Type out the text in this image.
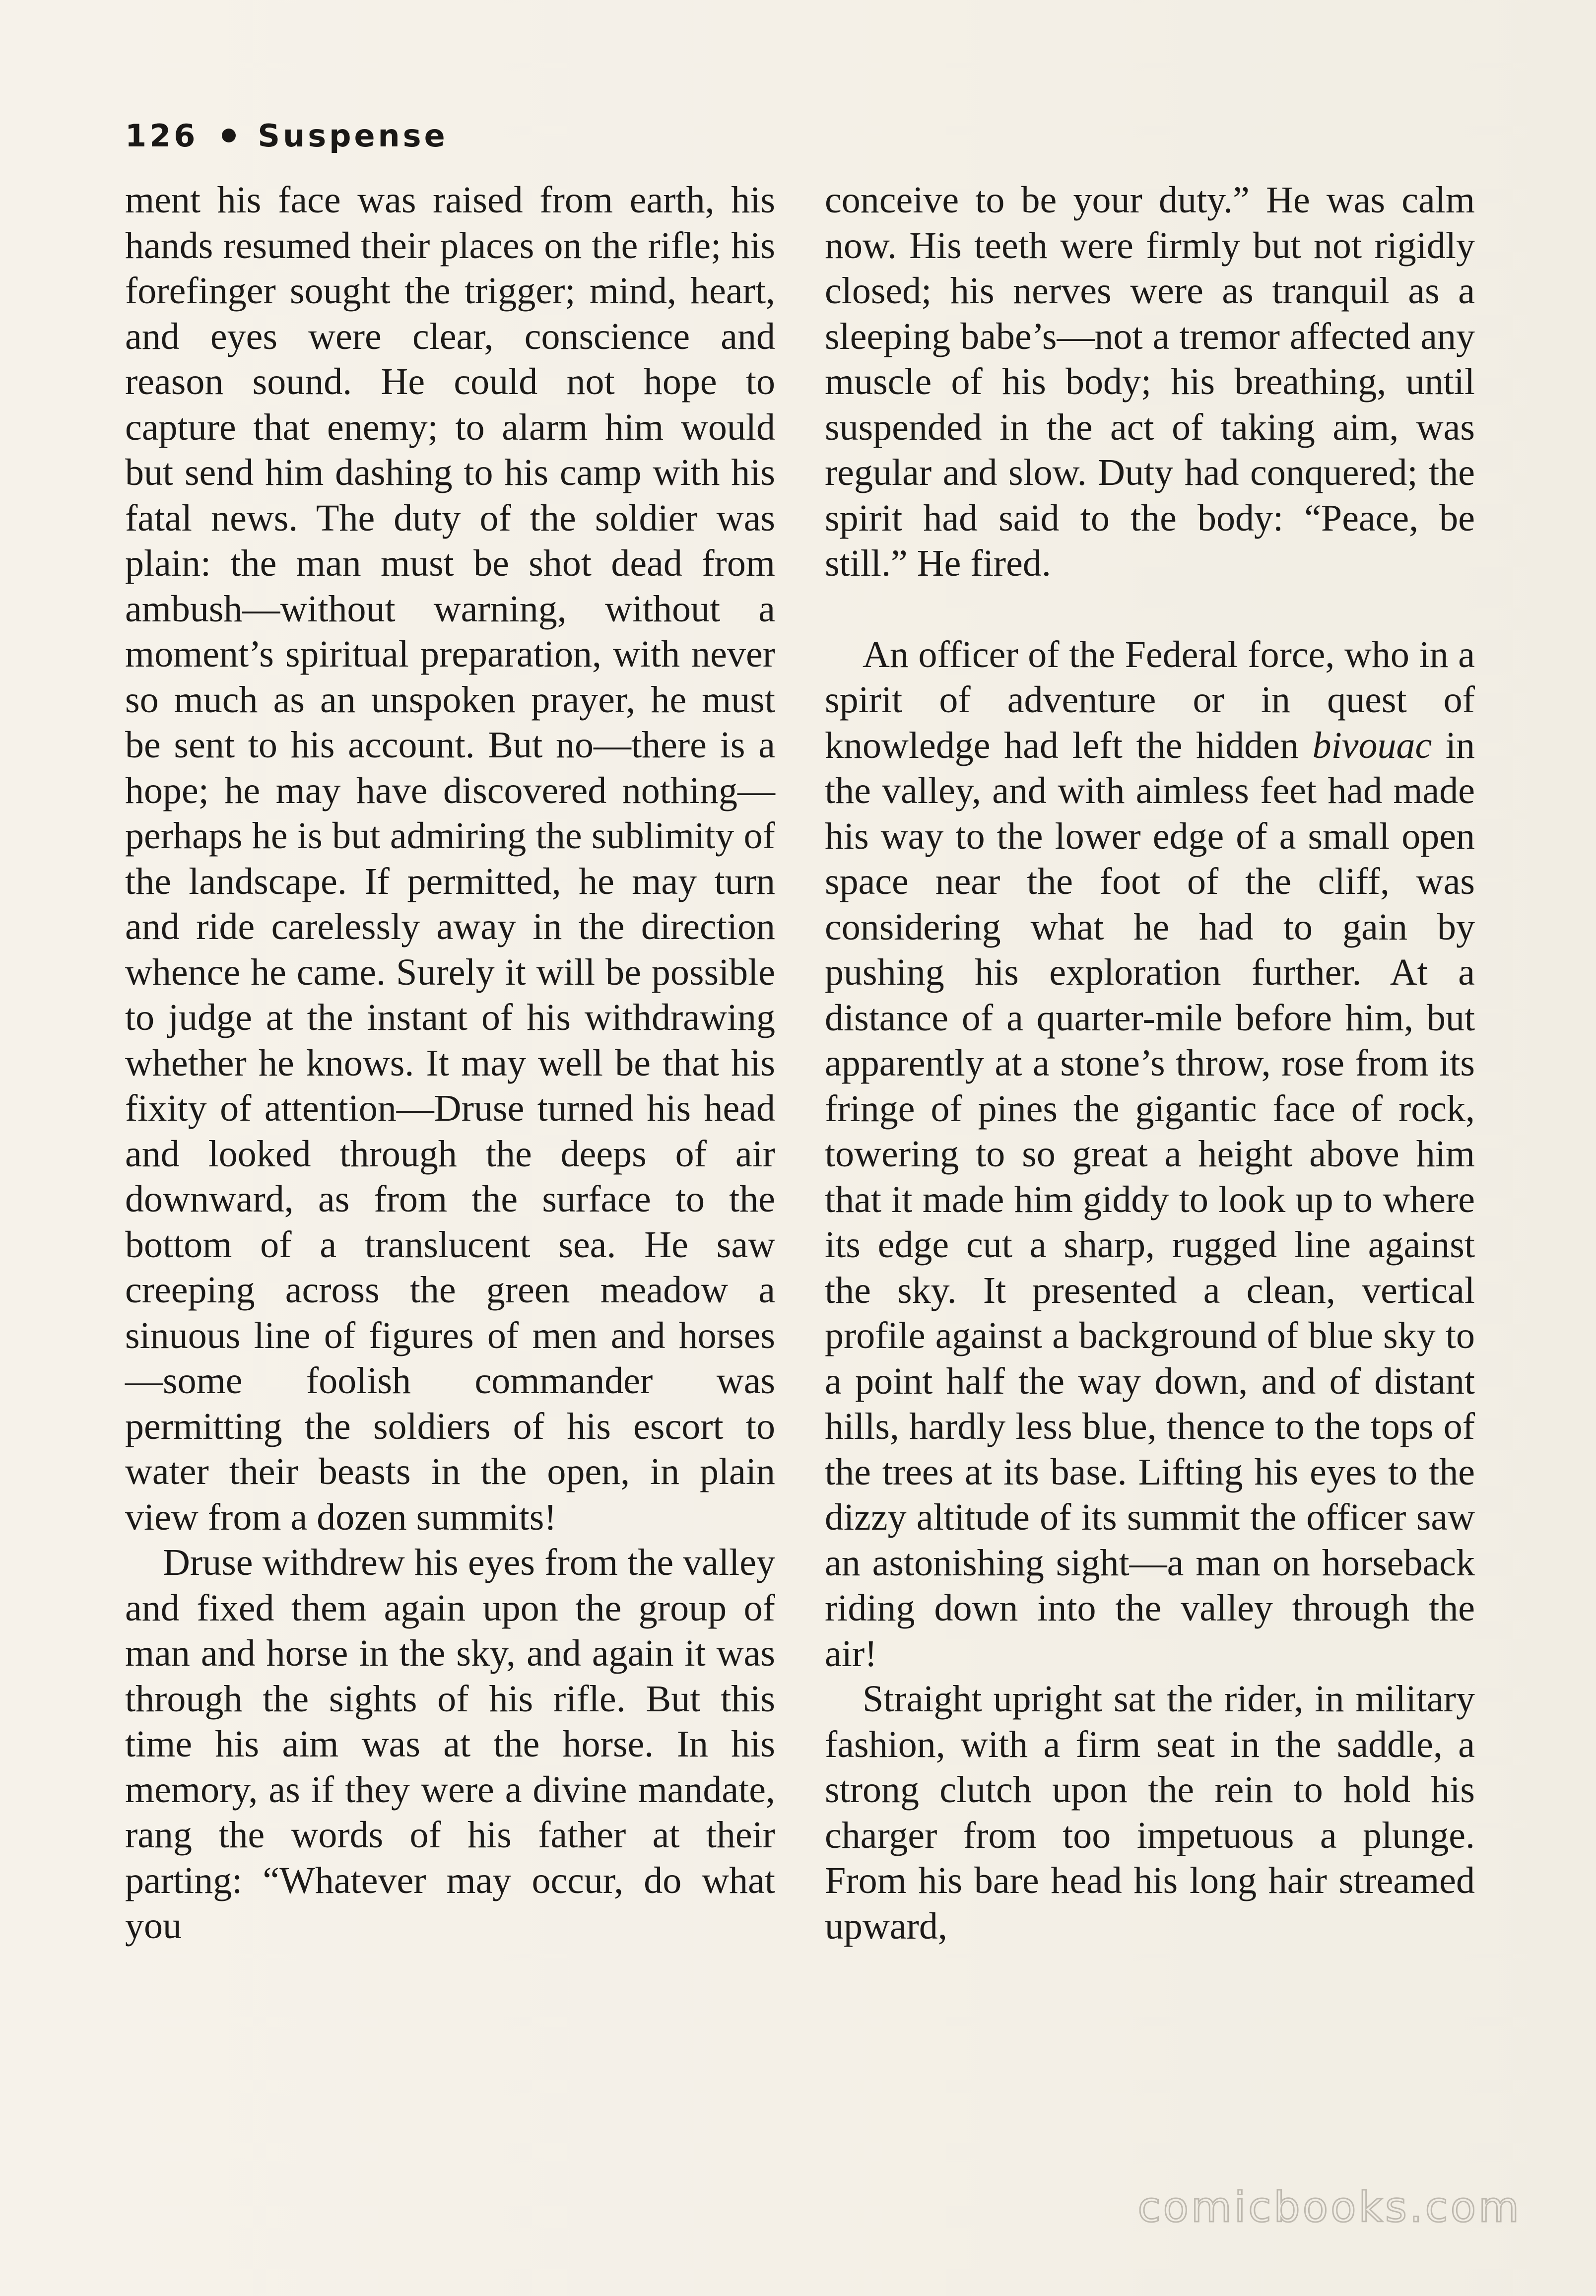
126 Suspense

ment his face was raised from earth, his hands resumed their places on the rifle; his forefinger sought the trigger; mind, heart, and eyes were clear, conscience and reason sound. He could not hope to capture that enemy; to alarm him would but send him dashing to his camp with his fatal news. The duty of the soldier was plain: the man must be shot dead from ambush—without warning, without a moment’s spiritual preparation, with never so much as an unspoken prayer, he must be sent to his account. But no—there is a hope; he may have discovered nothing—perhaps he is but admiring the sublimity of the landscape. If permitted, he may turn and ride carelessly away in the direction whence he came. Surely it will be possible to judge at the instant of his withdrawing whether he knows. It may well be that his fixity of attention—Druse turned his head and looked through the deeps of air downward, as from the surface to the bottom of a translucent sea. He saw creeping across the green meadow a sinuous line of figures of men and horses—some foolish commander was permitting the soldiers of his escort to water their beasts in the open, in plain view from a dozen summits!

Druse withdrew his eyes from the valley and fixed them again upon the group of man and horse in the sky, and again it was through the sights of his rifle. But this time his aim was at the horse. In his memory, as if they were a divine mandate, rang the words of his father at their parting: “Whatever may occur, do what you

conceive to be your duty.” He was calm now. His teeth were firmly but not rigidly closed; his nerves were as tranquil as a sleeping babe’s—not a tremor affected any muscle of his body; his breathing, until suspended in the act of taking aim, was regular and slow. Duty had conquered; the spirit had said to the body: “Peace, be still.” He fired.

An officer of the Federal force, who in a spirit of adventure or in quest of knowledge had left the hidden bivouac in the valley, and with aimless feet had made his way to the lower edge of a small open space near the foot of the cliff, was considering what he had to gain by pushing his exploration further. At a distance of a quarter-mile before him, but apparently at a stone’s throw, rose from its fringe of pines the gigantic face of rock, towering to so great a height above him that it made him giddy to look up to where its edge cut a sharp, rugged line against the sky. It presented a clean, vertical profile against a background of blue sky to a point half the way down, and of distant hills, hardly less blue, thence to the tops of the trees at its base. Lifting his eyes to the dizzy altitude of its summit the officer saw an astonishing sight—a man on horseback riding down into the valley through the air!

Straight upright sat the rider, in military fashion, with a firm seat in the saddle, a strong clutch upon the rein to hold his charger from too impetuous a plunge. From his bare head his long hair streamed upward,

comicbooks.com
